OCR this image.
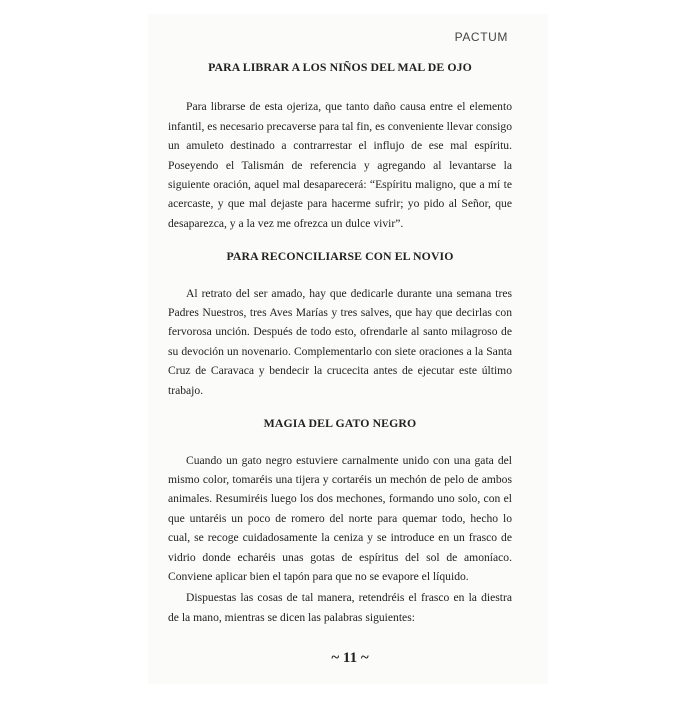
PACTUM
PARA LIBRAR A LOS NIÑOS DEL MAL DE OJO

Para librarse de esta ojeriza, que tanto daño causa entre el elemento infantil, es necesario precaverse para tal fin, es conveniente llevar consigo un amuleto destinado a contrarrestar el influjo de ese mal espíritu. Poseyendo el Talismán de referencia y agregando al levantarse la siguiente oración, aquel mal desaparecerá: “Espíritu maligno, que a mí te acercaste, y que mal dejaste para hacerme sufrir; yo pido al Señor, que desaparezca, y a la vez me ofrezca un dulce vivir”.

PARA RECONCILIARSE CON EL NOVIO

Al retrato del ser amado, hay que dedicarle durante una semana tres Padres Nuestros, tres Aves Marías y tres salves, que hay que decirlas con fervorosa unción. Después de todo esto, ofrendarle al santo milagroso de su devoción un novenario. Complementarlo con siete oraciones a la Santa Cruz de Caravaca y bendecir la crucecita antes de ejecutar este último trabajo.

MAGIA DEL GATO NEGRO

Cuando un gato negro estuviere carnalmente unido con una gata del mismo color, tomaréis una tijera y cortaréis un mechón de pelo de ambos animales. Resumiréis luego los dos mechones, formando uno solo, con el que untaréis un poco de romero del norte para quemar todo, hecho lo cual, se recoge cuidadosamente la ceniza y se introduce en un frasco de vidrio donde echaréis unas gotas de espíritus del sol de amoníaco. Conviene aplicar bien el tapón para que no se evapore el líquido.

Dispuestas las cosas de tal manera, retendréis el frasco en la diestra de la mano, mientras se dicen las palabras siguientes:

~ 11 ~
